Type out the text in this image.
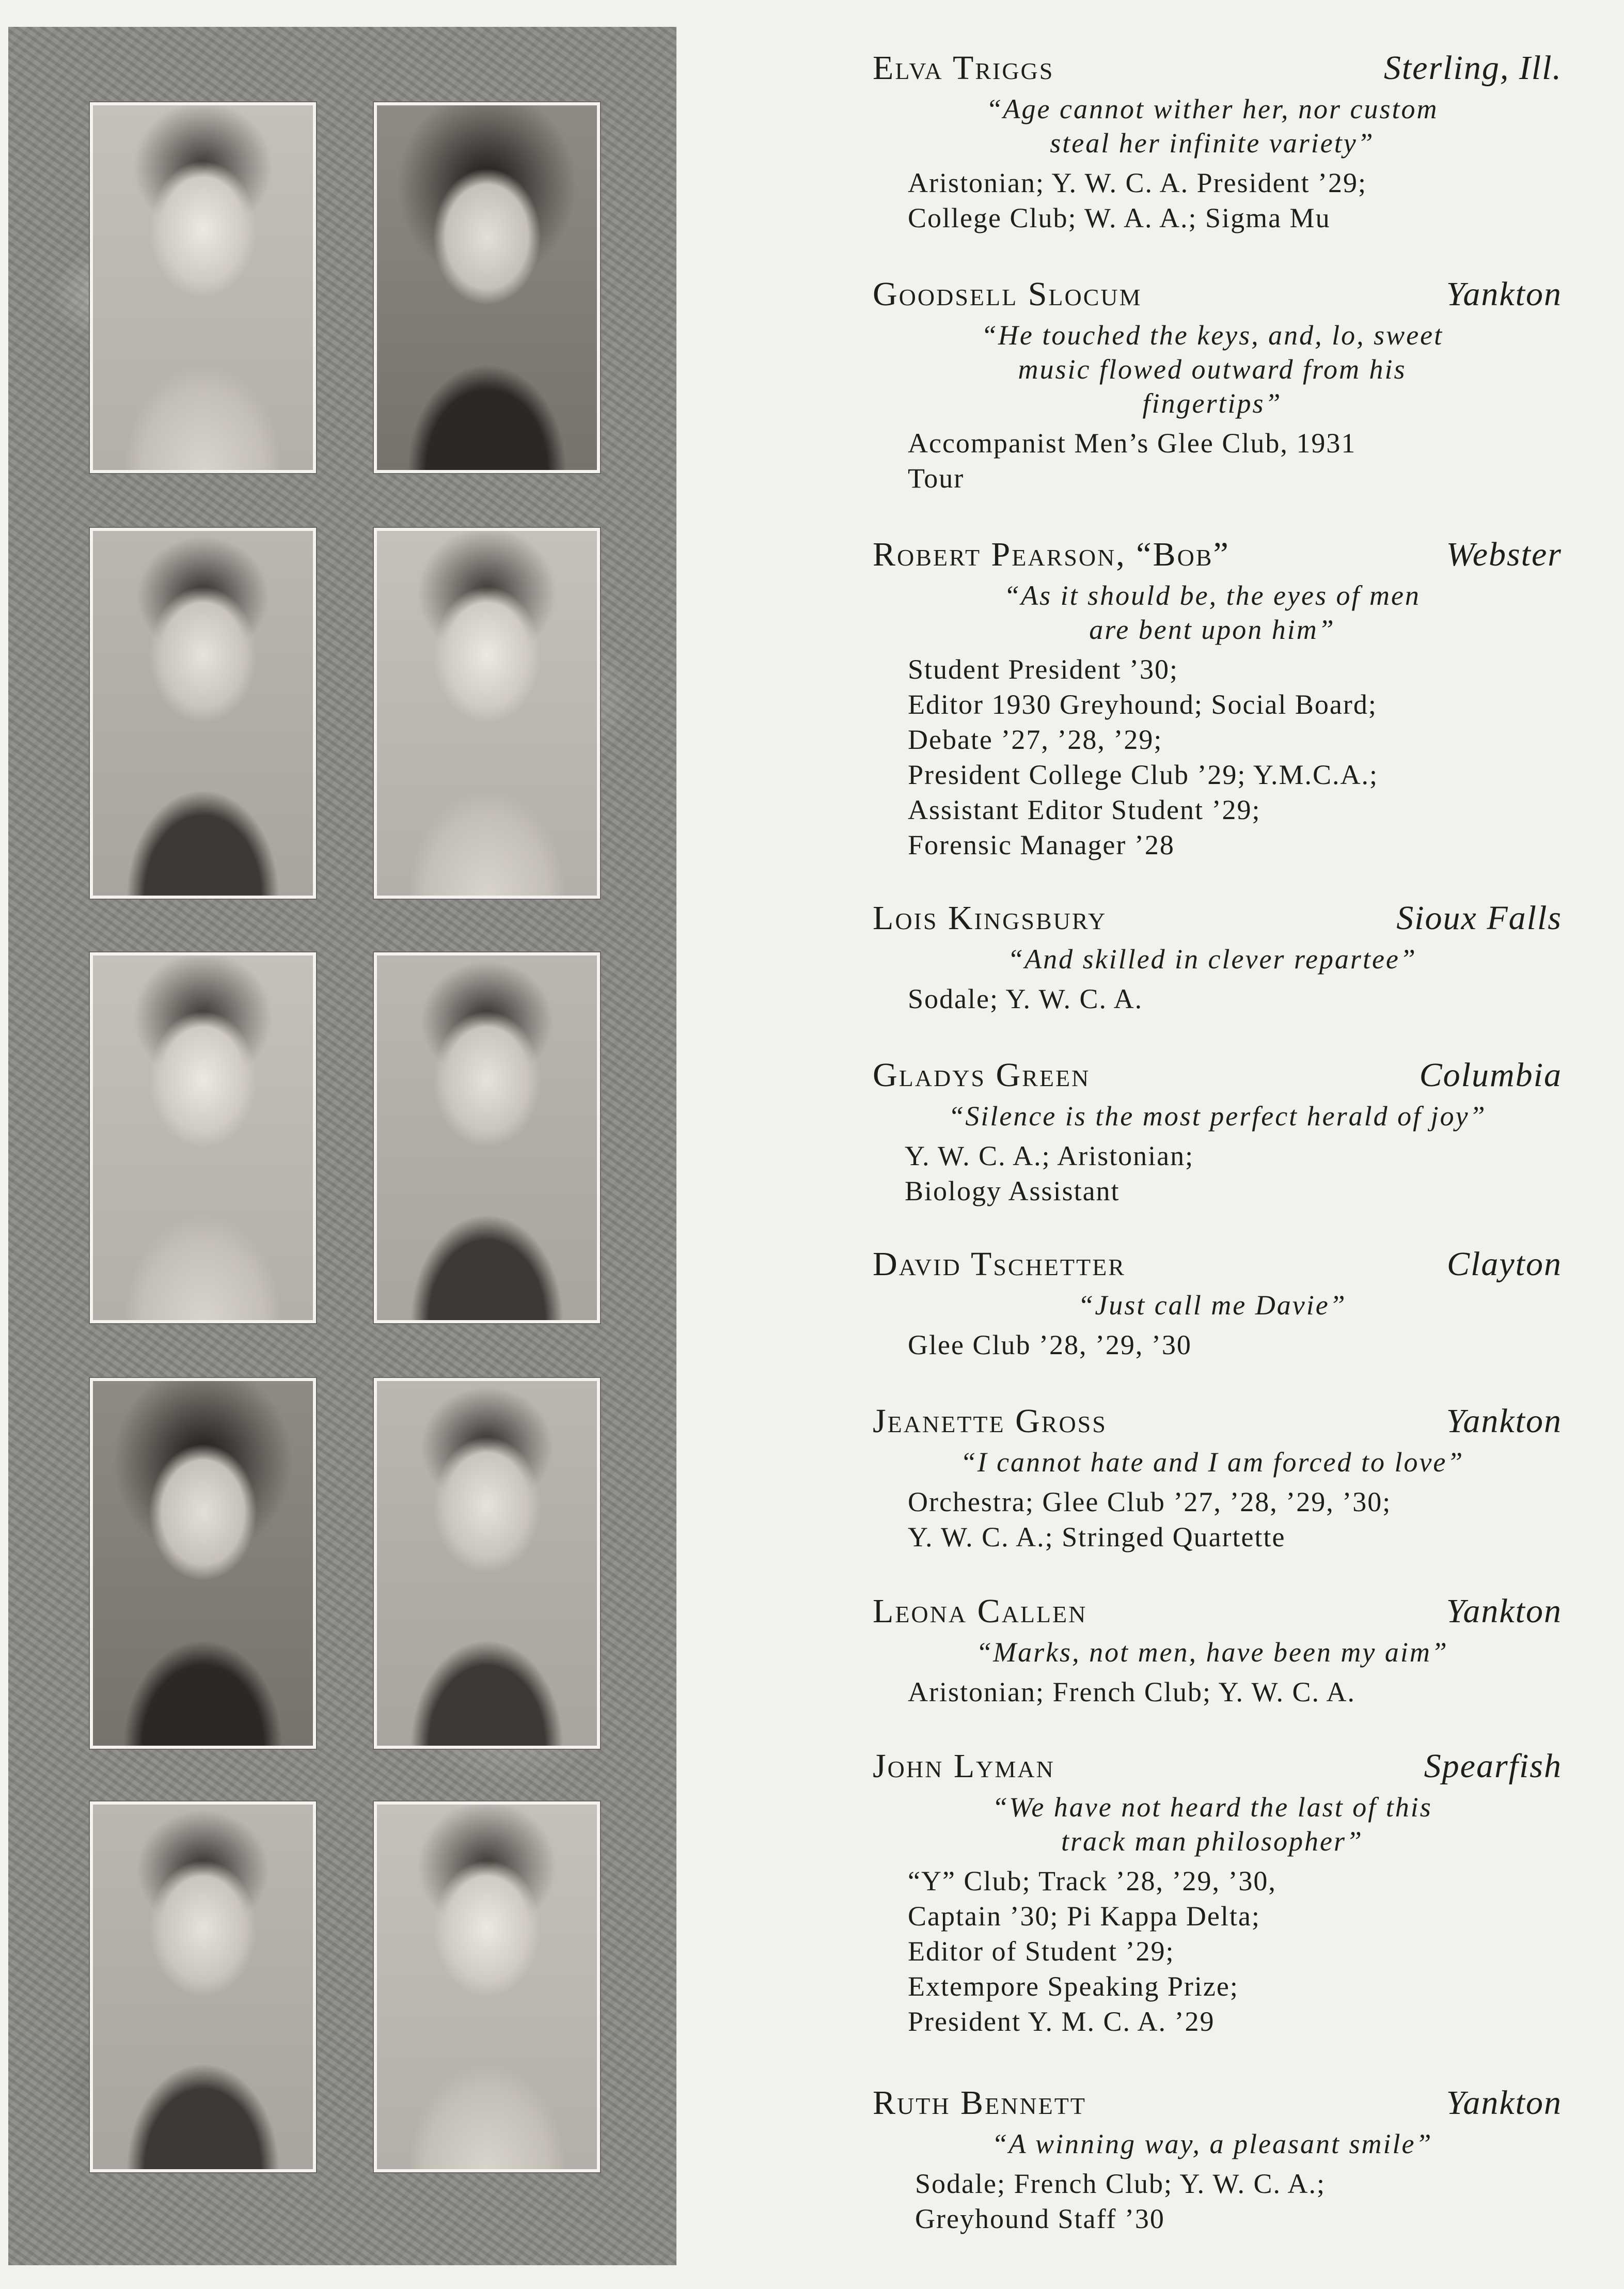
Elva Triggs	Sterling, Ill.
“Age cannot wither her, nor custom
steal her infinite variety”
Aristonian; Y. W. C. A. President ’29;
College Club; W. A. A.; Sigma Mu
Goodsell Slocum	Yankton
“He touched the keys, and, lo, sweet
music flowed outward from his
fingertips”
Accompanist Men’s Glee Club, 1931
Tour
Robert Pearson, “Bob”	Webster
“As it should be, the eyes of men
are bent upon him”
Student President ’30;
Editor 1930 Greyhound; Social Board;
Debate ’27, ’28, ’29;
President College Club ’29; Y.M.C.A.;
Assistant Editor Student ’29;
Forensic Manager ’28
Lois Kingsbury	Sioux Falls
“And skilled in clever repartee”
Sodale; Y. W. C. A.
Gladys Green	Columbia
“Silence is the most perfect herald of joy”
Y. W. C. A.; Aristonian;
Biology Assistant
David Tschetter	Clayton
“Just call me Davie”
Glee Club ’28, ’29, ’30
Jeanette Gross	Yankton
“I cannot hate and I am forced to love”
Orchestra; Glee Club ’27, ’28, ’29, ’30;
Y. W. C. A.; Stringed Quartette
Leona Callen	Yankton
“Marks, not men, have been my aim”
Aristonian; French Club; Y. W. C. A.
John Lyman	Spearfish
“We have not heard the last of this
track man philosopher”
“Y” Club; Track ’28, ’29, ’30,
Captain ’30; Pi Kappa Delta;
Editor of Student ’29;
Extempore Speaking Prize;
President Y. M. C. A. ’29
Ruth Bennett	Yankton
“A winning way, a pleasant smile”
Sodale; French Club; Y. W. C. A.;
Greyhound Staff ’30
